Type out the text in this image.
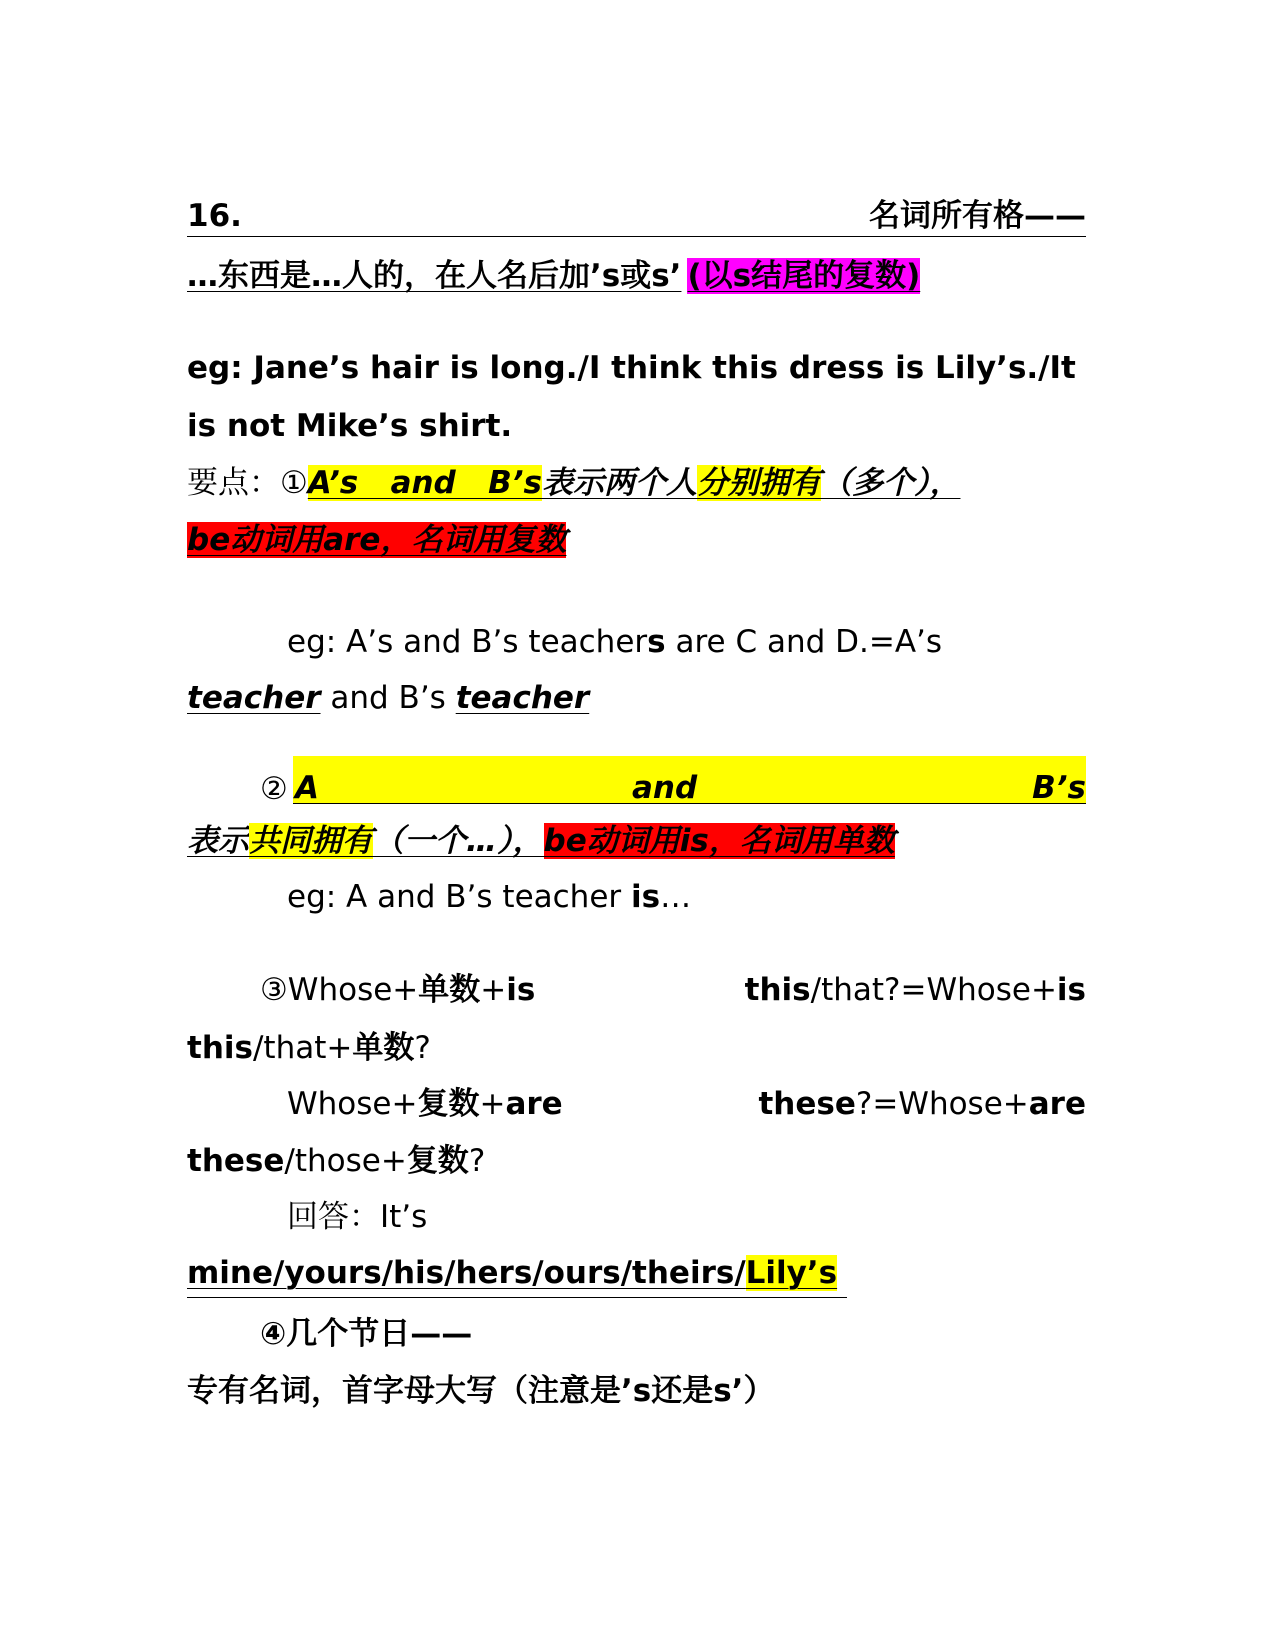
16.	名词所有格——
…东西是…人的，在人名后加’s或s’ (以s结尾的复数)
eg: Jane’s hair is long./I think this dress is Lily’s./It
is not Mike’s shirt.
要点：①A’s   and   B’s表示两个人分别拥有（多个），
be动词用are，名词用复数
eg: A’s and B’s teachers are C and D.=A’s
teacher and B’s teacher
② A	and	B’s
表示共同拥有（一个…），be动词用is，名词用单数
eg: A and B’s teacher is…
③Whose+单数+is	this/that?=Whose+is
this/that+单数?
Whose+复数+are	these?=Whose+are
these/those+复数?
回答：It’s
mine/yours/his/hers/ours/theirs/Lily’s
④几个节日——
专有名词，首字母大写（注意是’s还是s’）
